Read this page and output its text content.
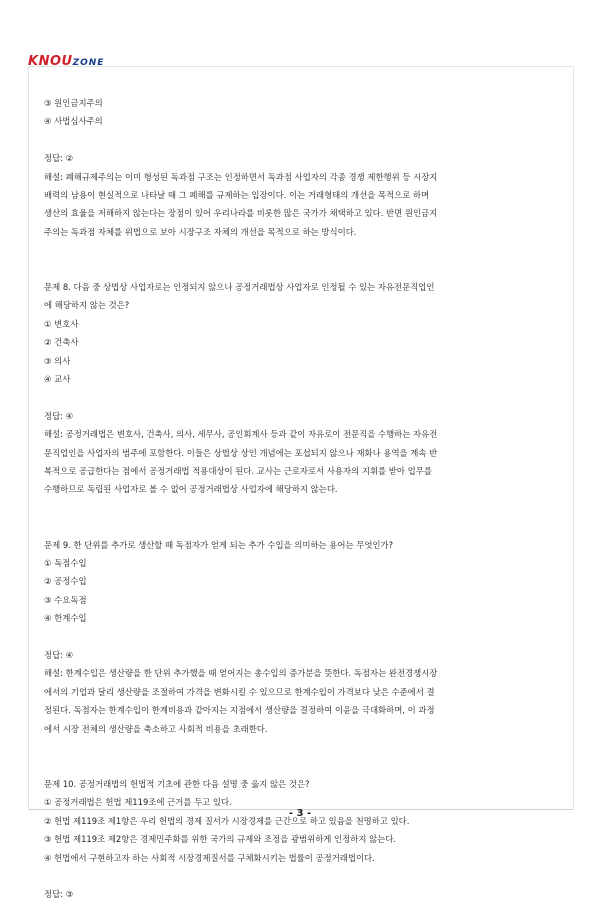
KNOUZONE
③ 원인금지주의
④ 사법심사주의
정답: ②
해설: 폐해규제주의는 이미 형성된 독과점 구조는 인정하면서 독과점 사업자의 각종 경쟁 제한행위 등 시장지
배력의 남용이 현실적으로 나타날 때 그 폐해를 규제하는 입장이다. 이는 거래형태의 개선을 목적으로 하며
생산의 효율을 저해하지 않는다는 장점이 있어 우리나라를 비롯한 많은 국가가 채택하고 있다. 반면 원인금지
주의는 독과점 자체를 위법으로 보아 시장구조 자체의 개선을 목적으로 하는 방식이다.
문제 8. 다음 중 상법상 사업자로는 인정되지 않으나 공정거래법상 사업자로 인정될 수 있는 자유전문직업인
에 해당하지 않는 것은?
① 변호사
② 건축사
③ 의사
④ 교사
정답: ④
해설: 공정거래법은 변호사, 건축사, 의사, 세무사, 공인회계사 등과 같이 자유로이 전문직을 수행하는 자유전
문직업인을 사업자의 범주에 포함한다. 이들은 상법상 상인 개념에는 포섭되지 않으나 재화나 용역을 계속 반
복적으로 공급한다는 점에서 공정거래법 적용대상이 된다. 교사는 근로자로서 사용자의 지휘를 받아 업무를
수행하므로 독립된 사업자로 볼 수 없어 공정거래법상 사업자에 해당하지 않는다.
문제 9. 한 단위를 추가로 생산할 때 독점자가 얻게 되는 추가 수입을 의미하는 용어는 무엇인가?
① 독점수입
② 공정수입
③ 수요독점
④ 한계수입
정답: ④
해설: 한계수입은 생산량을 한 단위 추가했을 때 얻어지는 총수입의 증가분을 뜻한다. 독점자는 완전경쟁시장
에서의 기업과 달리 생산량을 조절하여 가격을 변화시킬 수 있으므로 한계수입이 가격보다 낮은 수준에서 결
정된다. 독점자는 한계수입이 한계비용과 같아지는 지점에서 생산량을 결정하여 이윤을 극대화하며, 이 과정
에서 시장 전체의 생산량을 축소하고 사회적 비용을 초래한다.
문제 10. 공정거래법의 헌법적 기초에 관한 다음 설명 중 옳지 않은 것은?
① 공정거래법은 헌법 제119조에 근거를 두고 있다.
② 헌법 제119조 제1항은 우리 헌법의 경제 질서가 시장경제를 근간으로 하고 있음을 천명하고 있다.
③ 헌법 제119조 제2항은 경제민주화를 위한 국가의 규제와 조정을 광범위하게 인정하지 않는다.
④ 헌법에서 구현하고자 하는 사회적 시장경제질서를 구체화시키는 법률이 공정거래법이다.
정답: ③
- 3 -
